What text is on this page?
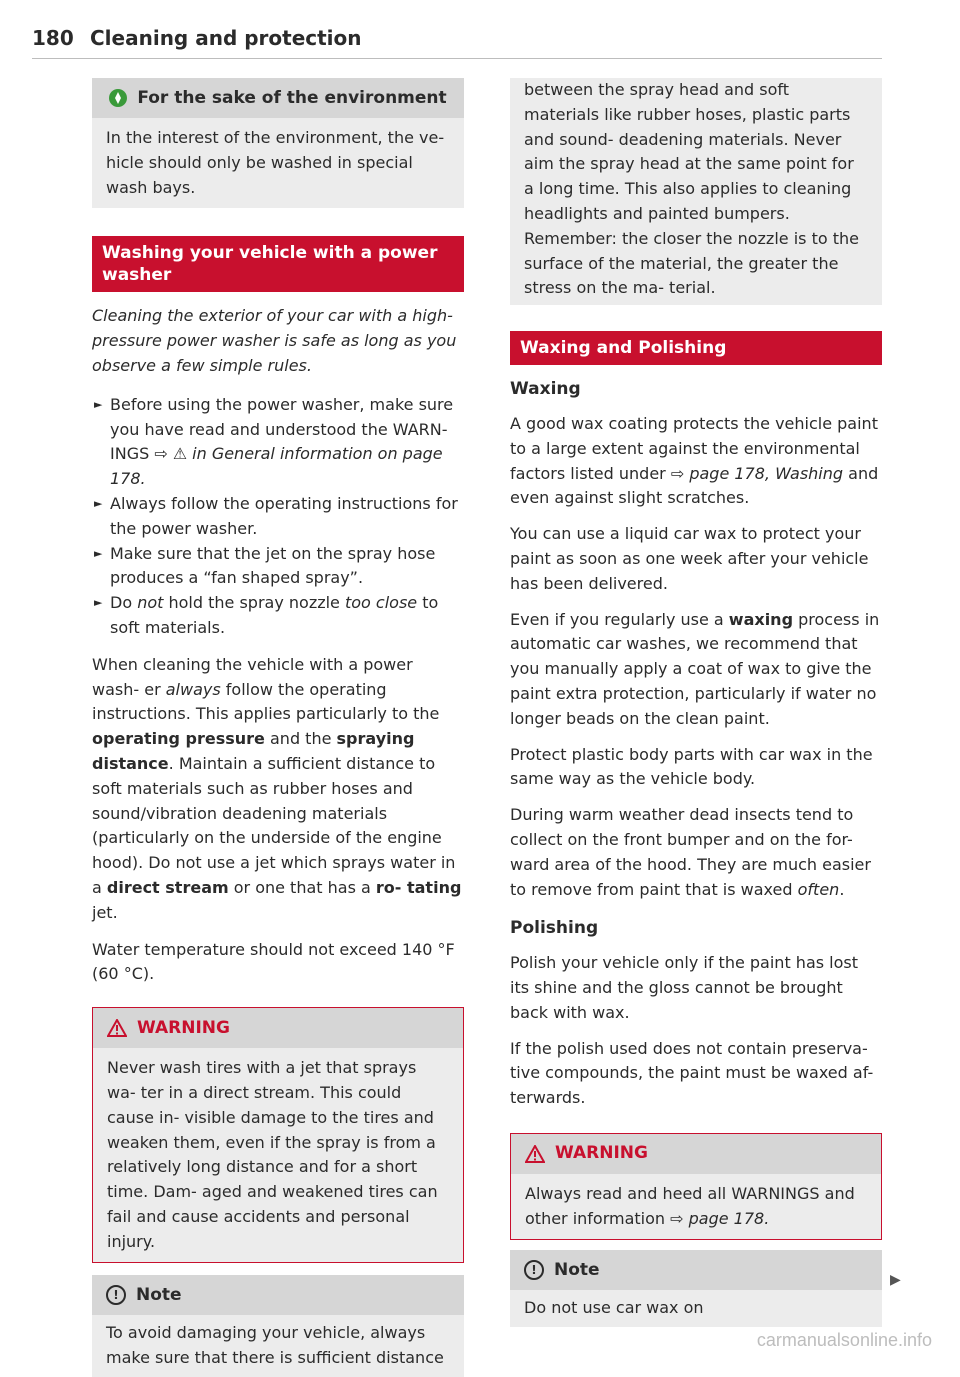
180 Cleaning and protection
For the sake of the environment

In the interest of the environment, the ve- hicle should only be washed in special wash bays.

Washing your vehicle with a power washer

Cleaning the exterior of your car with a high- pressure power washer is safe as long as you observe a few simple rules.

► Before using the power washer, make sure you have read and understood the WARN- INGS ⇨ ⚠ in General information on page 178.

► Always follow the operating instructions for the power washer.

► Make sure that the jet on the spray hose produces a “fan shaped spray”.

► Do not hold the spray nozzle too close to soft materials.

When cleaning the vehicle with a power wash- er always follow the operating instructions. This applies particularly to the operating pressure and the spraying distance. Maintain a sufficient distance to soft materials such as rubber hoses and sound/vibration deadening materials (particularly on the underside of the engine hood). Do not use a jet which sprays water in a direct stream or one that has a ro- tating jet.

Water temperature should not exceed 140 °F (60 °C).

WARNING

Never wash tires with a jet that sprays wa- ter in a direct stream. This could cause in- visible damage to the tires and weaken them, even if the spray is from a relatively long distance and for a short time. Dam- aged and weakened tires can fail and cause accidents and personal injury.

!	Note

To avoid damaging your vehicle, always make sure that there is sufficient distance

between the spray head and soft materials like rubber hoses, plastic parts and sound- deadening materials. Never aim the spray head at the same point for a long time. This also applies to cleaning headlights and painted bumpers. Remember: the closer the nozzle is to the surface of the material, the greater the stress on the ma- terial.

Waxing and Polishing

Waxing

A good wax coating protects the vehicle paint to a large extent against the environmental factors listed under ⇨ page 178, Washing and even against slight scratches.

You can use a liquid car wax to protect your paint as soon as one week after your vehicle has been delivered.

Even if you regularly use a waxing process in automatic car washes, we recommend that you manually apply a coat of wax to give the paint extra protection, particularly if water no longer beads on the clean paint.

Protect plastic body parts with car wax in the same way as the vehicle body.

During warm weather dead insects tend to collect on the front bumper and on the for- ward area of the hood. They are much easier to remove from paint that is waxed often.

Polishing

Polish your vehicle only if the paint has lost its shine and the gloss cannot be brought back with wax.

If the polish used does not contain preserva- tive compounds, the paint must be waxed af- terwards.

WARNING

Always read and heed all WARNINGS and other information ⇨ page 178.

!	Note

Do not use car wax on

▶
carmanualsonline.info
